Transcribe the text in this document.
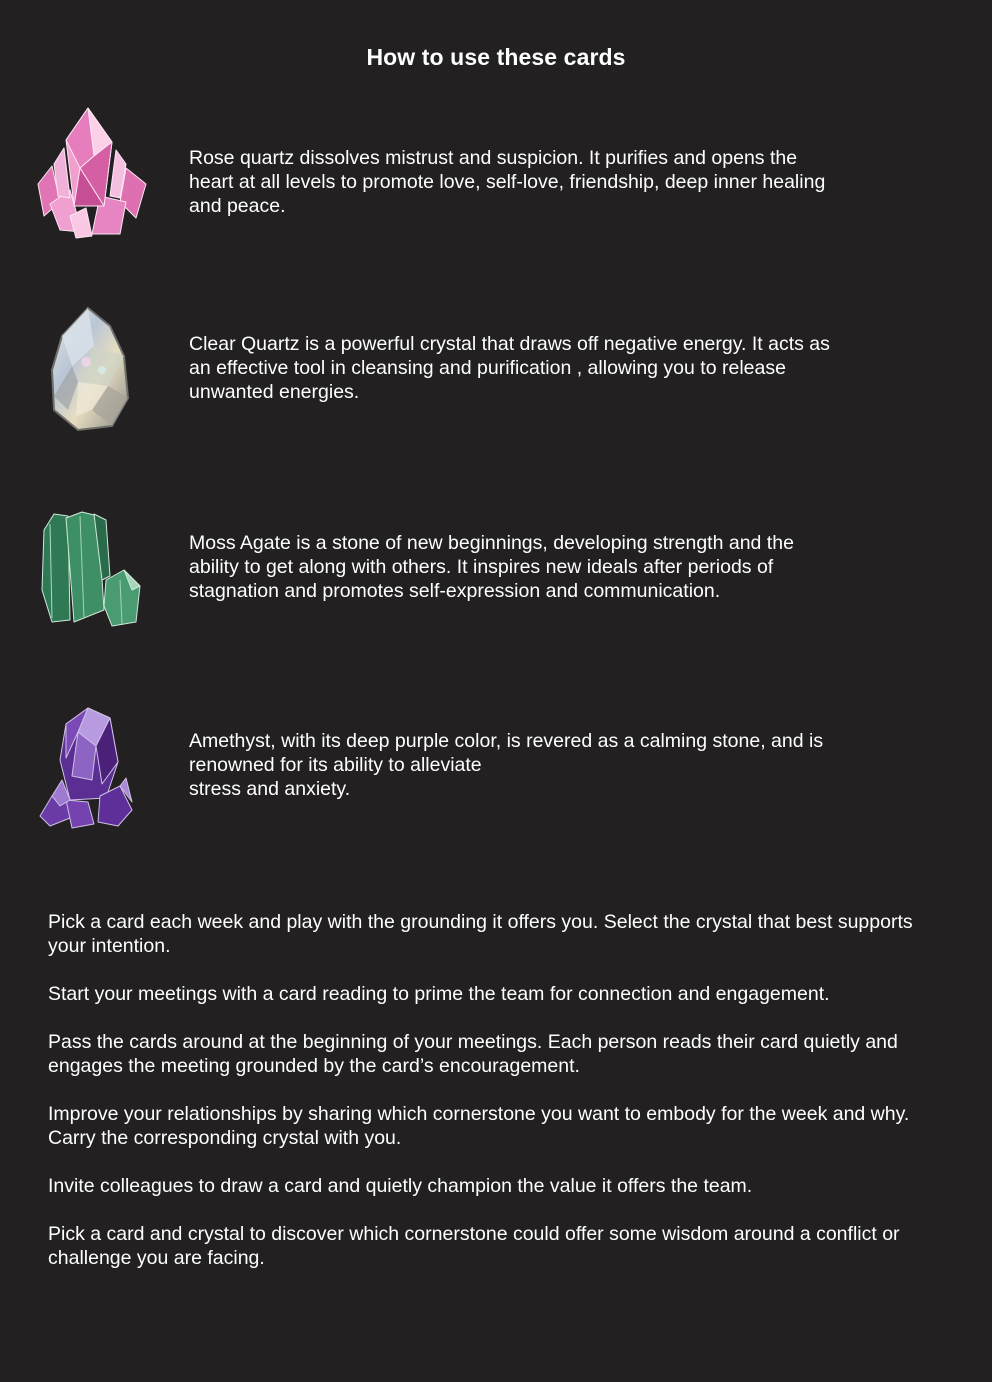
How to use these cards
Rose quartz dissolves mistrust and suspicion. It purifies and opens the
heart at all levels to promote love, self-love, friendship, deep inner healing
and peace.
Clear Quartz is a powerful crystal that draws off negative energy. It acts as
an effective tool in cleansing and purification , allowing you to release
unwanted energies.
Moss Agate is a stone of new beginnings, developing strength and the
ability to get along with others. It inspires new ideals after periods of
stagnation and promotes self-expression and communication.
Amethyst, with its deep purple color, is revered as a calming stone, and is
renowned for its ability to alleviate
stress and anxiety.

Pick a card each week and play with the grounding it offers you. Select the crystal that best supports your intention.

Start your meetings with a card reading to prime the team for connection and engagement.

Pass the cards around at the beginning of your meetings. Each person reads their card quietly and engages the meeting grounded by the card’s encouragement.

Improve your relationships by sharing which cornerstone you want to embody for the week and why. Carry the corresponding crystal with you.

Invite colleagues to draw a card and quietly champion the value it offers the team.

Pick a card and crystal to discover which cornerstone could offer some wisdom around a conflict or challenge you are facing.
